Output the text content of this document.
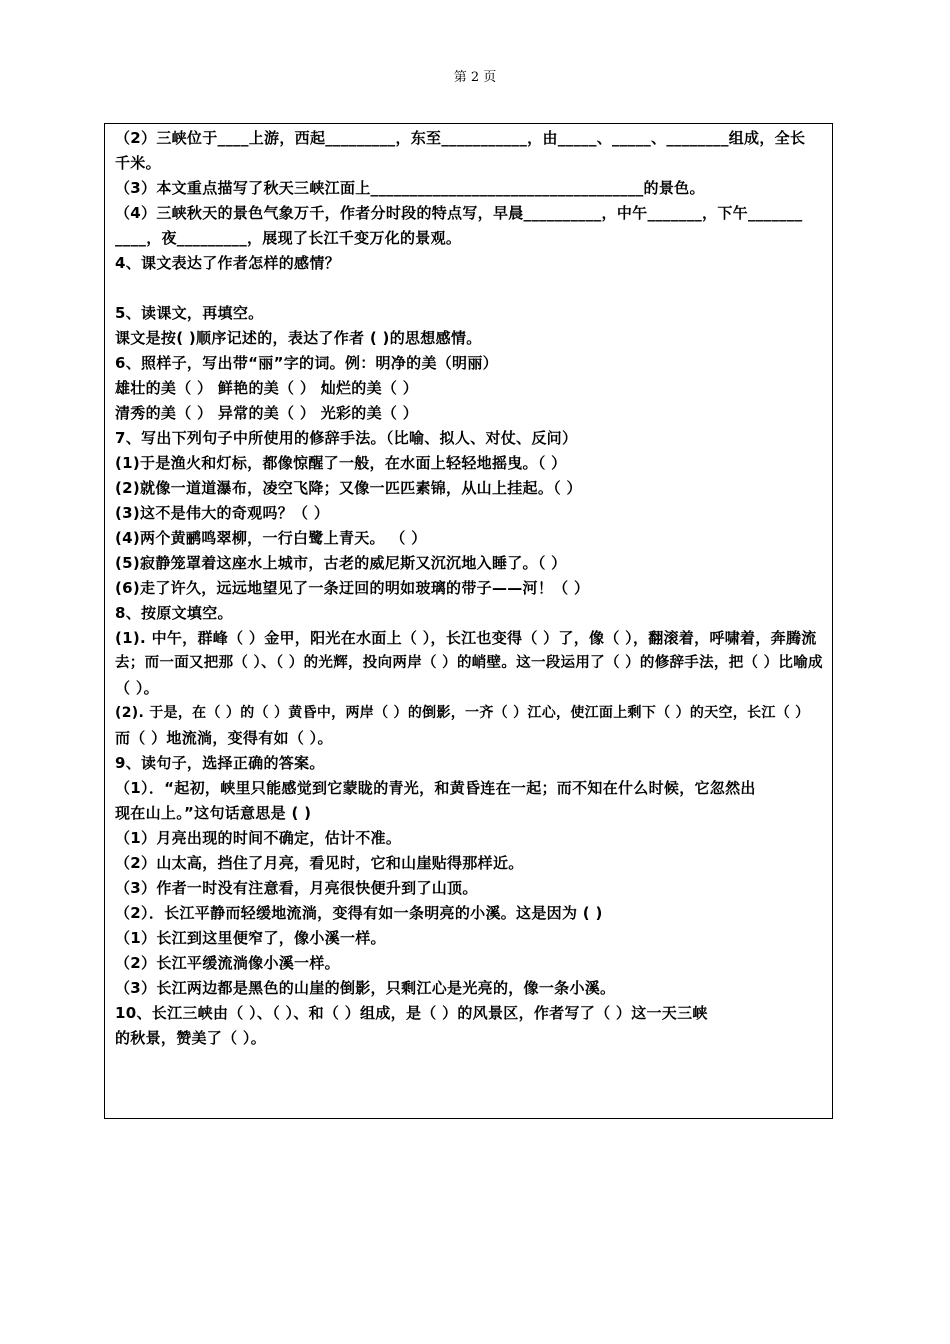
第 2 页
（2）三峡位于____上游，西起_________，东至___________，由_____、_____、________组成，全长
千米。
（3）本文重点描写了秋天三峡江面上___________________________________的景色。
（4）三峡秋天的景色气象万千，作者分时段的特点写，早晨__________，中午_______，下午_______
____，夜_________，展现了长江千变万化的景观。
4、课文表达了作者怎样的感情？
5、读课文，再填空。
课文是按( )顺序记述的，表达了作者 ( )的思想感情。
6、照样子，写出带“丽”字的词。例：明净的美（明丽）
雄壮的美（ ） 鲜艳的美（ ） 灿烂的美（ ）
清秀的美（ ） 异常的美（ ） 光彩的美（ ）
7、写出下列句子中所使用的修辞手法。（比喻、拟人、对仗、反问）
(1)于是渔火和灯标，都像惊醒了一般，在水面上轻轻地摇曳。（ ）
(2)就像一道道瀑布，凌空飞降；又像一匹匹素锦，从山上挂起。（ ）
(3)这不是伟大的奇观吗？（ ）
(4)两个黄鹂鸣翠柳，一行白鹭上青天。 （ ）
(5)寂静笼罩着这座水上城市，古老的威尼斯又沉沉地入睡了。（ ）
(6)走了许久，远远地望见了一条迂回的明如玻璃的带子——河！（ ）
8、按原文填空。
(1). 中午，群峰（ ）金甲，阳光在水面上（ ），长江也变得（ ）了，像（ ），翻滚着，呼啸着，奔腾流
去；而一面又把那（ ）、（ ）的光辉，投向两岸（ ）的峭壁。这一段运用了（ ）的修辞手法，把（ ）比喻成
（ ）。
(2). 于是，在（ ）的（ ）黄昏中，两岸（ ）的倒影，一齐（ ）江心，使江面上剩下（ ）的天空，长江（ ）
而（ ）地流淌，变得有如（ ）。
9、读句子，选择正确的答案。
（1）．“起初，峡里只能感觉到它蒙眬的青光，和黄昏连在一起；而不知在什么时候，它忽然出
现在山上。”这句话意思是 ( )
（1）月亮出现的时间不确定，估计不准。
（2）山太高，挡住了月亮，看见时，它和山崖贴得那样近。
（3）作者一时没有注意看，月亮很快便升到了山顶。
（2）．长江平静而轻缓地流淌，变得有如一条明亮的小溪。这是因为 ( )
（1）长江到这里便窄了，像小溪一样。
（2）长江平缓流淌像小溪一样。
（3）长江两边都是黑色的山崖的倒影，只剩江心是光亮的，像一条小溪。
10、长江三峡由（ ）、（ ）、和（ ）组成，是（ ）的风景区，作者写了（ ）这一天三峡
的秋景，赞美了（ ）。
